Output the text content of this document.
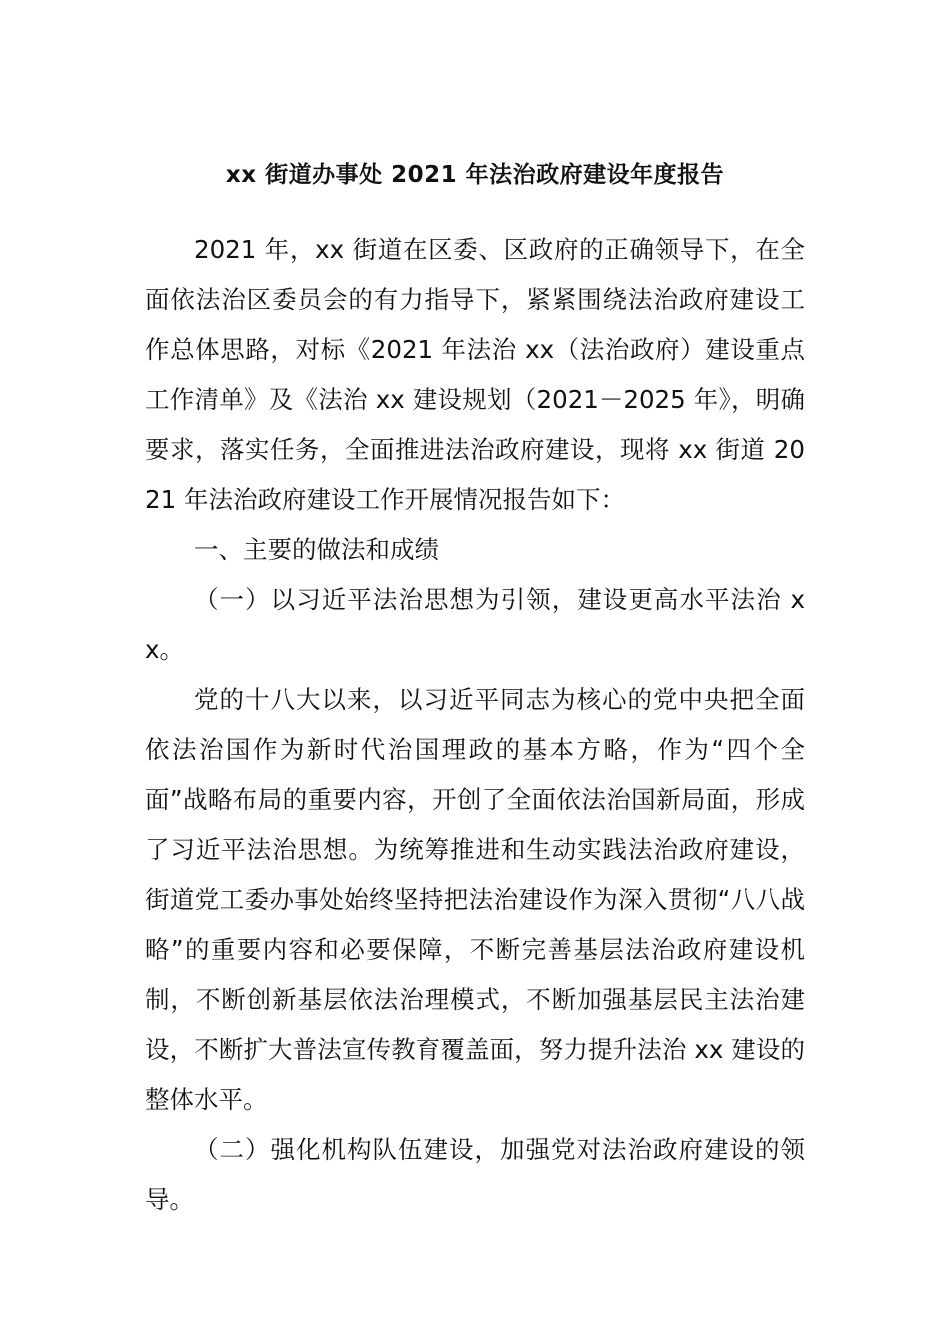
xx 街道办事处 2021 年法治政府建设年度报告

2021 年，xx 街道在区委、区政府的正确领导下，在全面依法治区委员会的有力指导下，紧紧围绕法治政府建设工作总体思路，对标《2021 年法治 xx（法治政府）建设重点工作清单》及《法治 xx 建设规划（2021－2025 年》，明确要求，落实任务，全面推进法治政府建设，现将 xx 街道 2021 年法治政府建设工作开展情况报告如下：

一、主要的做法和成绩

（一）以习近平法治思想为引领，建设更高水平法治 xx。

党的十八大以来，以习近平同志为核心的党中央把全面依法治国作为新时代治国理政的基本方略，作为“四个全面”战略布局的重要内容，开创了全面依法治国新局面，形成了习近平法治思想。为统筹推进和生动实践法治政府建设，街道党工委办事处始终坚持把法治建设作为深入贯彻“八八战略”的重要内容和必要保障，不断完善基层法治政府建设机制，不断创新基层依法治理模式，不断加强基层民主法治建设，不断扩大普法宣传教育覆盖面，努力提升法治 xx 建设的整体水平。

（二）强化机构队伍建设，加强党对法治政府建设的领导。
